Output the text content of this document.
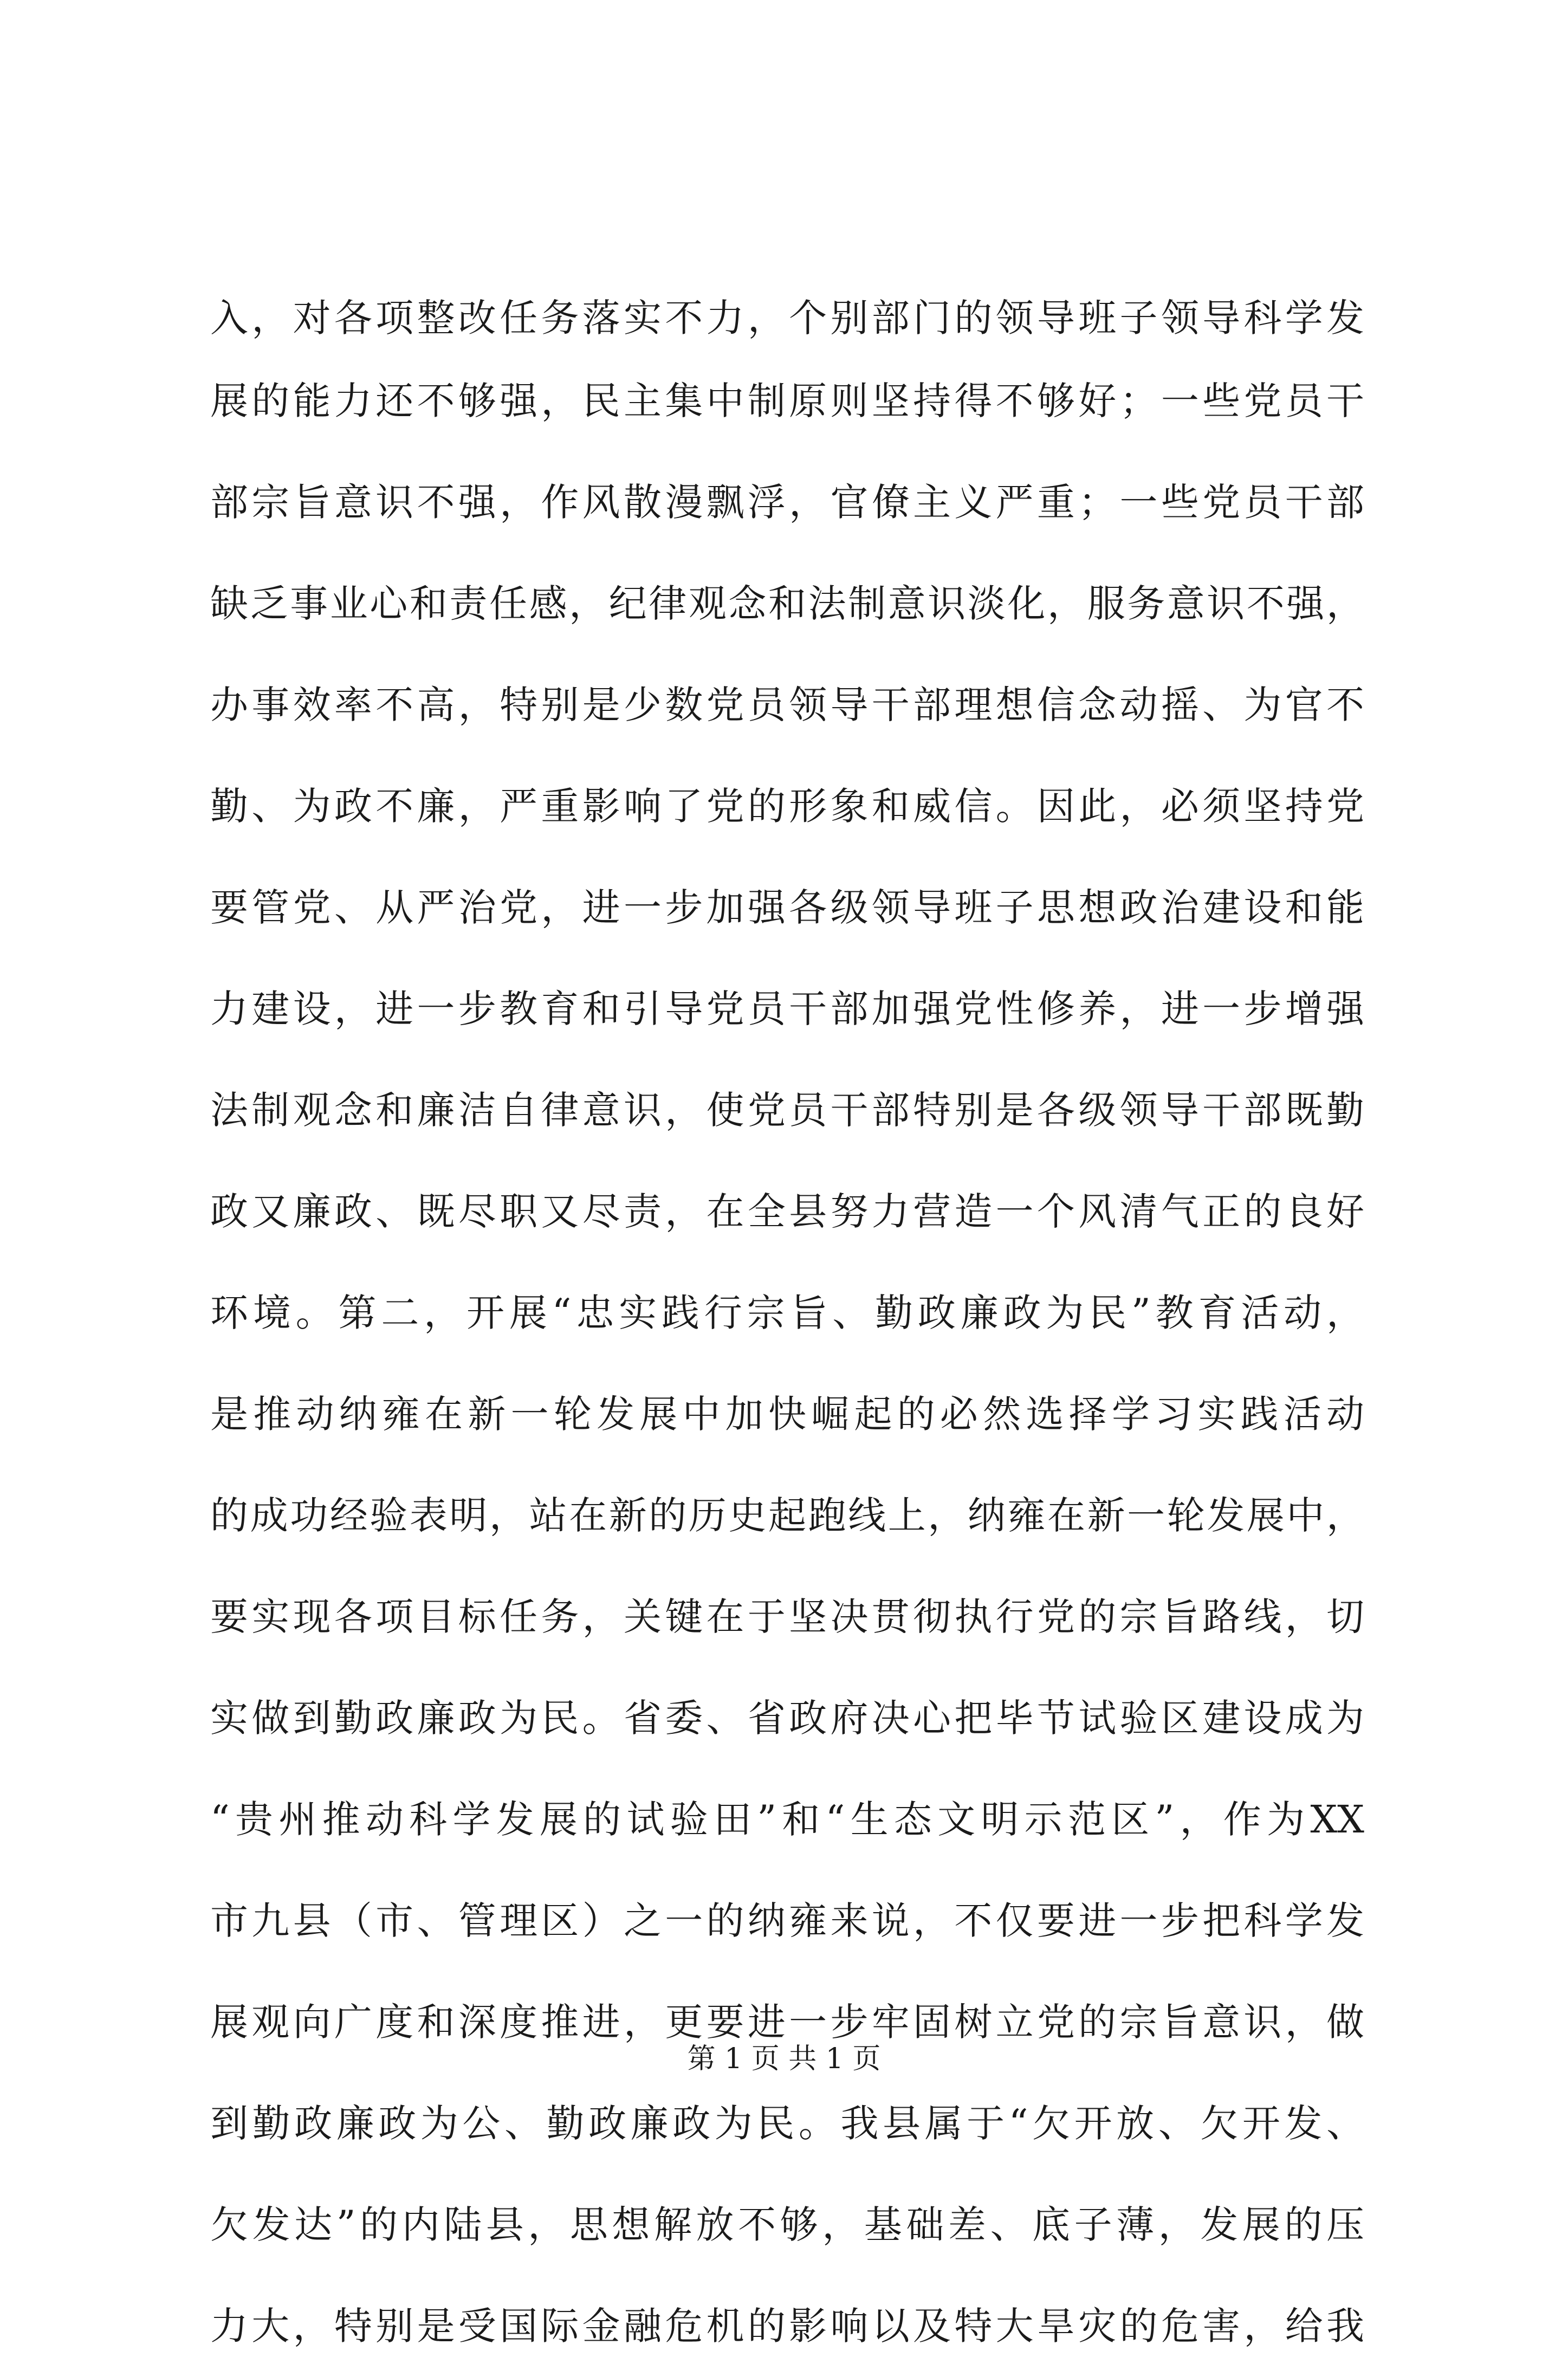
入，对各项整改任务落实不力，个别部门的领导班子领导科学发
展的能力还不够强，民主集中制原则坚持得不够好；一些党员干
部宗旨意识不强，作风散漫飘浮，官僚主义严重；一些党员干部
缺乏事业心和责任感，纪律观念和法制意识淡化，服务意识不强，
办事效率不高，特别是少数党员领导干部理想信念动摇、为官不
勤、为政不廉，严重影响了党的形象和威信。因此，必须坚持党
要管党、从严治党，进一步加强各级领导班子思想政治建设和能
力建设，进一步教育和引导党员干部加强党性修养，进一步增强
法制观念和廉洁自律意识，使党员干部特别是各级领导干部既勤
政又廉政、既尽职又尽责，在全县努力营造一个风清气正的良好
环境。第二，开展“忠实践行宗旨、勤政廉政为民”教育活动，
是推动纳雍在新一轮发展中加快崛起的必然选择学习实践活动
的成功经验表明，站在新的历史起跑线上，纳雍在新一轮发展中，
要实现各项目标任务，关键在于坚决贯彻执行党的宗旨路线，切
实做到勤政廉政为民。省委、省政府决心把毕节试验区建设成为
“贵州推动科学发展的试验田”和“生态文明示范区”，作为XX
市九县（市、管理区）之一的纳雍来说，不仅要进一步把科学发
展观向广度和深度推进，更要进一步牢固树立党的宗旨意识，做
到勤政廉政为公、勤政廉政为民。我县属于“欠开放、欠开发、
欠发达”的内陆县，思想解放不够，基础差、底子薄，发展的压
力大，特别是受国际金融危机的影响以及特大旱灾的危害，给我
第 1 页 共 1 页
